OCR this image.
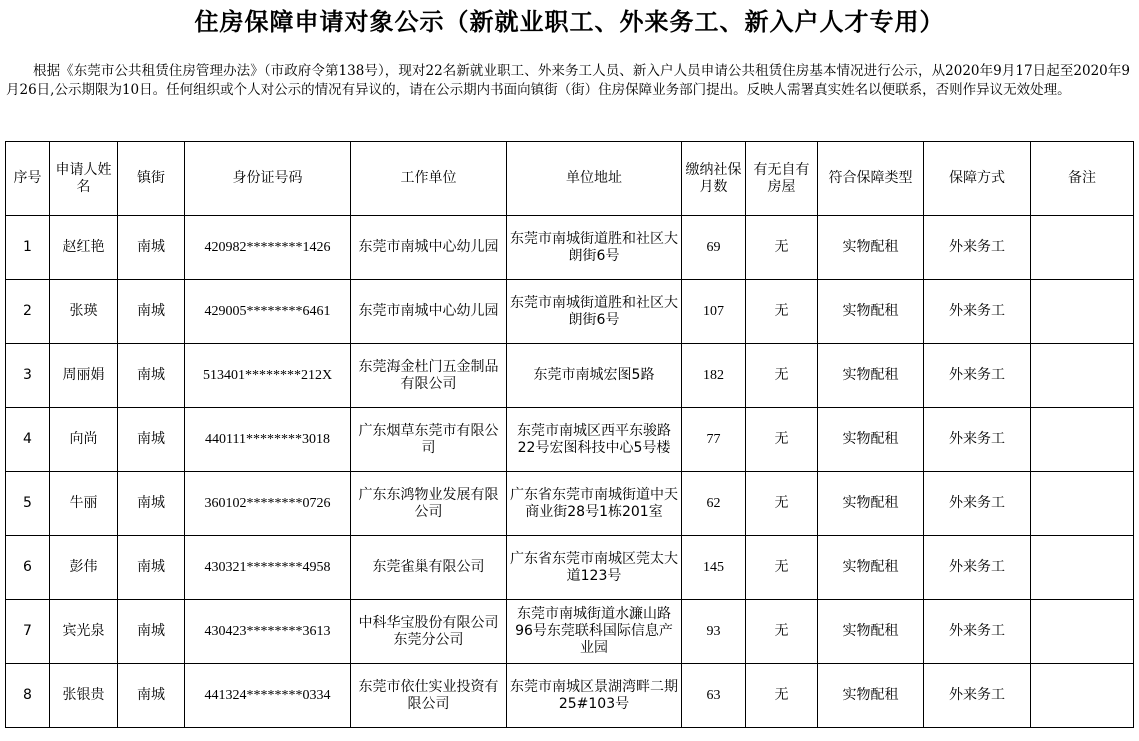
住房保障申请对象公示（新就业职工、外来务工、新入户人才专用）
根据《东莞市公共租赁住房管理办法》（市政府令第138号），现对22名新就业职工、外来务工人员、新入户人员申请公共租赁住房基本情况进行公示，从2020年9月17日起至2020年9月26日,公示期限为10日。任何组织或个人对公示的情况有异议的，请在公示期内书面向镇街（街）住房保障业务部门提出。反映人需署真实姓名以便联系，否则作异议无效处理。
序号	申请人姓名	镇街	身份证号码	工作单位	单位地址	缴纳社保月数	有无自有房屋	符合保障类型	保障方式	备注
1	赵红艳	南城	420982********1426	东莞市南城中心幼儿园	东莞市南城街道胜和社区大朗街6号	69	无	实物配租	外来务工	
2	张瑛	南城	429005********6461	东莞市南城中心幼儿园	东莞市南城街道胜和社区大朗街6号	107	无	实物配租	外来务工	
3	周丽娟	南城	513401********212X	东莞海金杜门五金制品有限公司	东莞市南城宏图5路	182	无	实物配租	外来务工	
4	向尚	南城	440111********3018	广东烟草东莞市有限公司	东莞市南城区西平东骏路22号宏图科技中心5号楼	77	无	实物配租	外来务工	
5	牛丽	南城	360102********0726	广东东鸿物业发展有限公司	广东省东莞市南城街道中天商业街28号1栋201室	62	无	实物配租	外来务工	
6	彭伟	南城	430321********4958	东莞雀巢有限公司	广东省东莞市南城区莞太大道123号	145	无	实物配租	外来务工	
7	宾光泉	南城	430423********3613	中科华宝股份有限公司东莞分公司	东莞市南城街道水濂山路96号东莞联科国际信息产业园	93	无	实物配租	外来务工	
8	张银贵	南城	441324********0334	东莞市依仕实业投资有限公司	东莞市南城区景湖湾畔二期25#103号	63	无	实物配租	外来务工	
